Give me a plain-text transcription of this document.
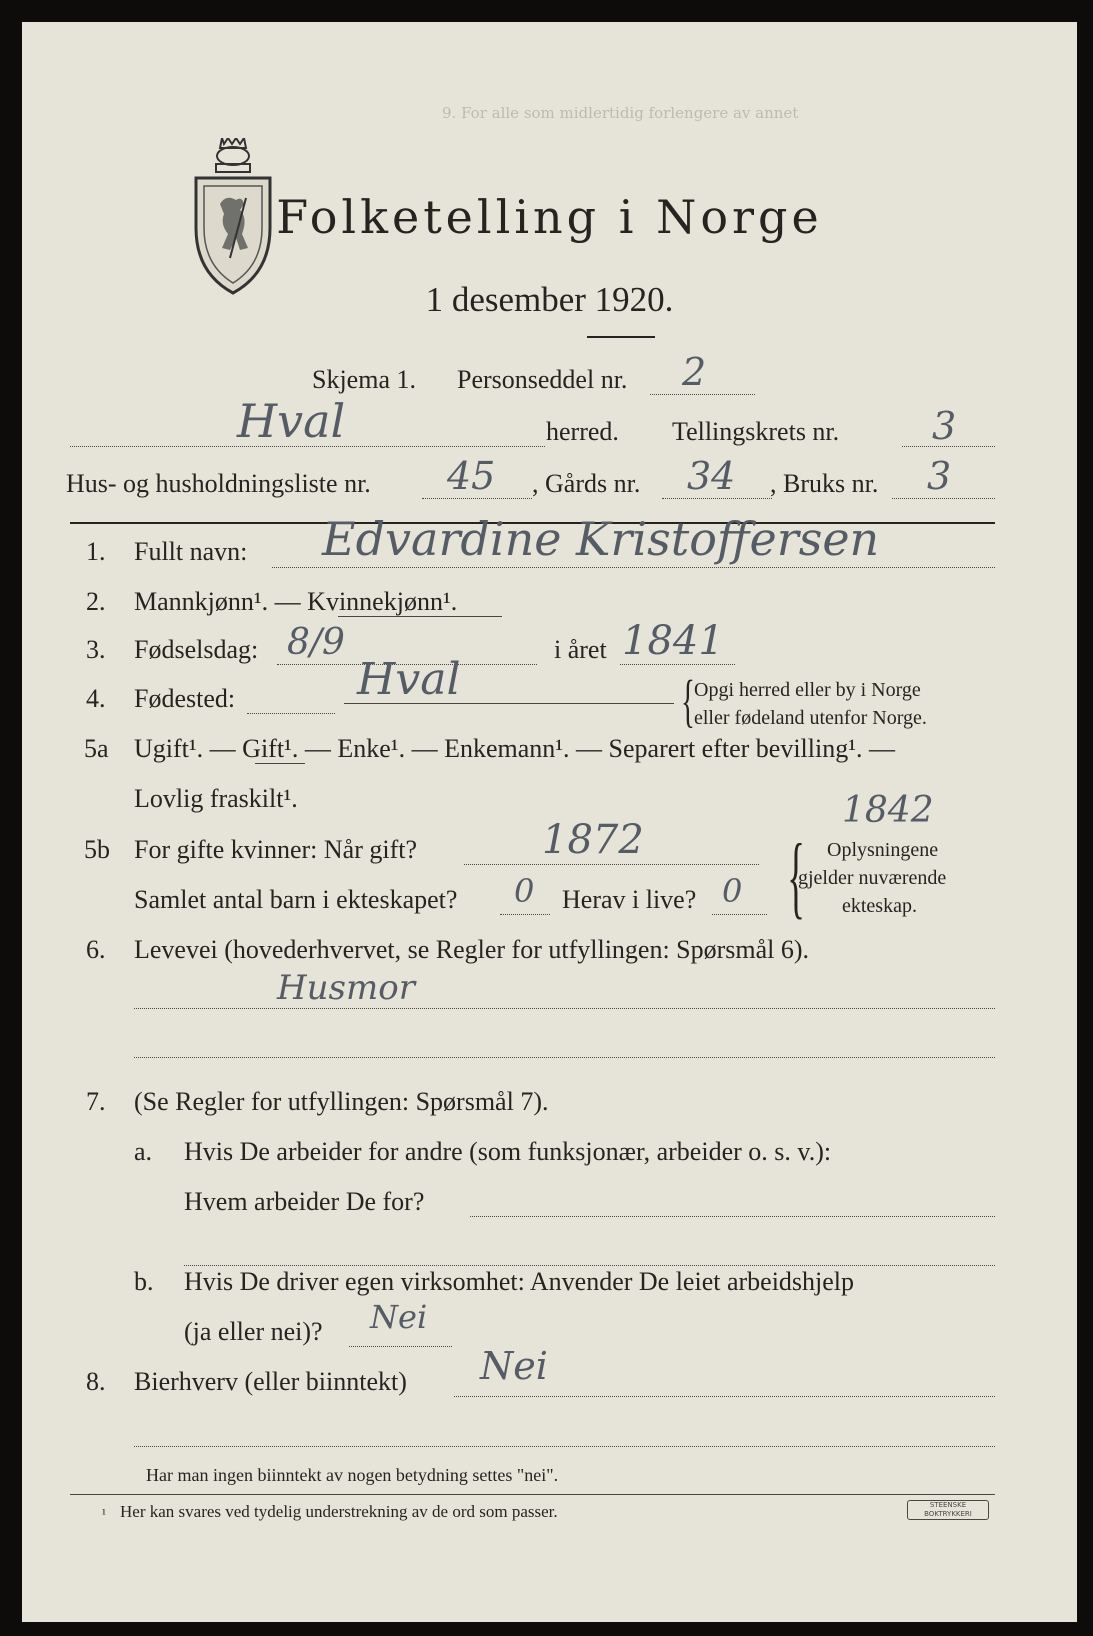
9. For alle som midlertidig forlengere av annet
Folketelling i Norge
1 desember 1920.
Skjema 1. Personseddel nr. 2
Hval	herred. Tellingskrets nr. 3
Hus- og husholdningsliste nr. 45 , Gårds nr. 34 , Bruks nr. 3
1. Fullt navn: Edvardine Kristoffersen
2. Mannkjønn¹. — Kvinnekjønn¹.
3. Fødselsdag: 8/9	i året 1841
4. Fødested:	Hval	{ Opgi herred eller by i Norge
eller fødeland utenfor Norge.
5a Ugift¹. — Gift¹. — Enke¹. — Enkemann¹. — Separert efter bevilling¹. —
Lovlig fraskilt¹.
5b For gifte kvinner: Når gift?	1872
1842
Samlet antal barn i ekteskapet? 0 Herav i live? 0 { Oplysningene
gjelder nuværende
ekteskap.
6. Levevei (hovederhvervet, se Regler for utfyllingen: Spørsmål 6).
Husmor
7. (Se Regler for utfyllingen: Spørsmål 7).
a. Hvis De arbeider for andre (som funksjonær, arbeider o. s. v.):
Hvem arbeider De for?
b. Hvis De driver egen virksomhet: Anvender De leiet arbeidshjelp
(ja eller nei)? Nei
8. Bierhverv (eller biinntekt) Nei
Har man ingen biinntekt av nogen betydning settes "nei".
¹ Her kan svares ved tydelig understrekning av de ord som passer.	STEENSKE BOKTRYKKERI
